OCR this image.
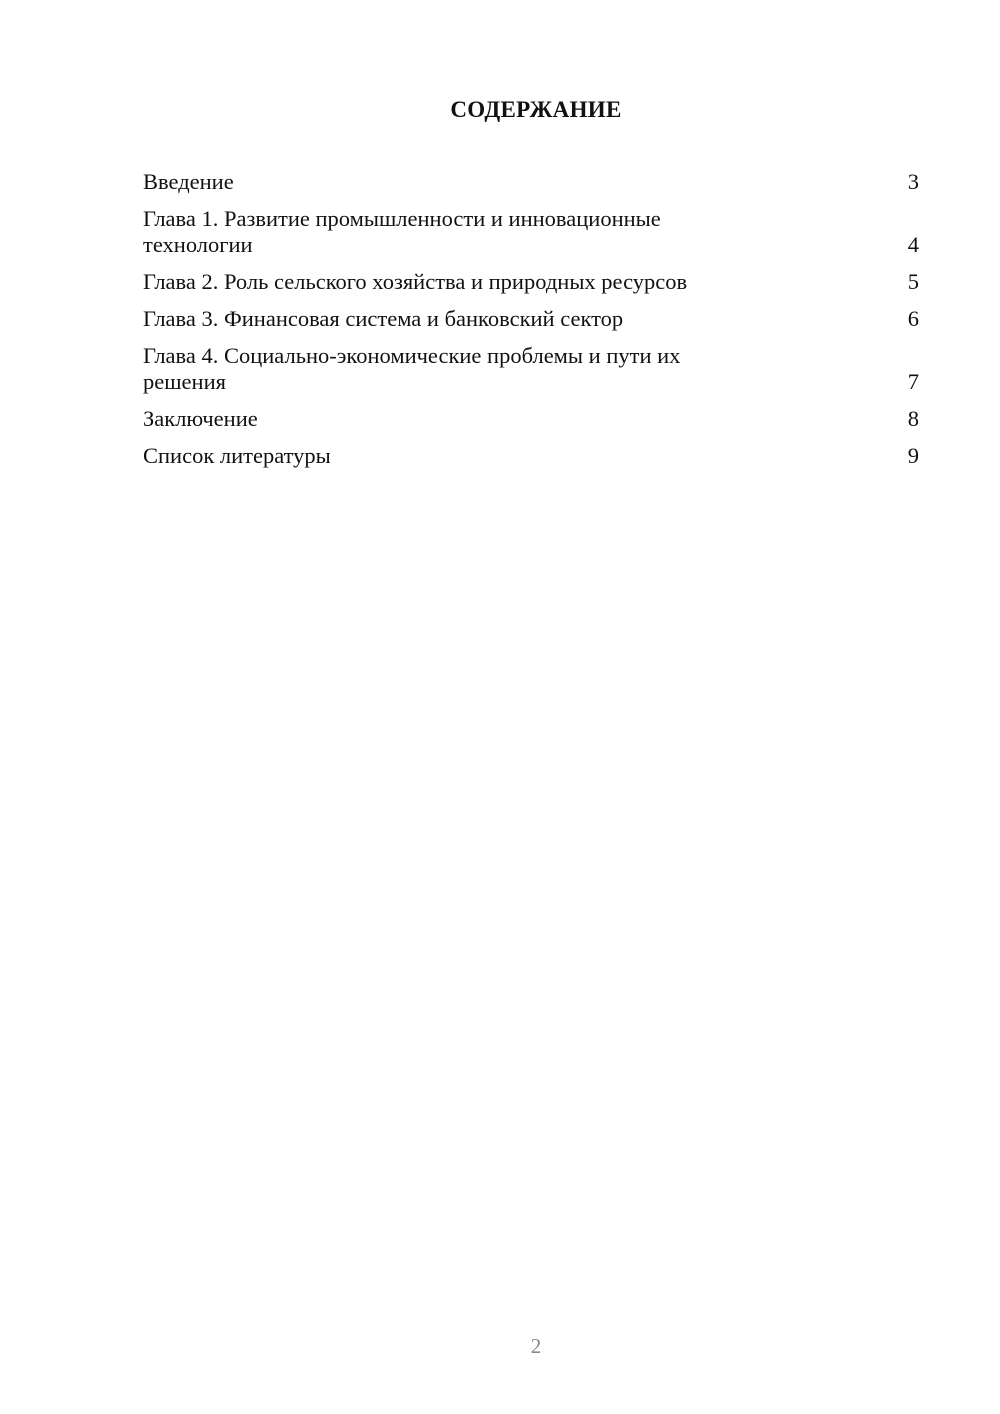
СОДЕРЖАНИЕ
Введение	3
Глава 1. Развитие промышленности и инновационные технологии	4
Глава 2. Роль сельского хозяйства и природных ресурсов	5
Глава 3. Финансовая система и банковский сектор	6
Глава 4. Социально-экономические проблемы и пути их решения	7
Заключение	8
Список литературы	9
2
